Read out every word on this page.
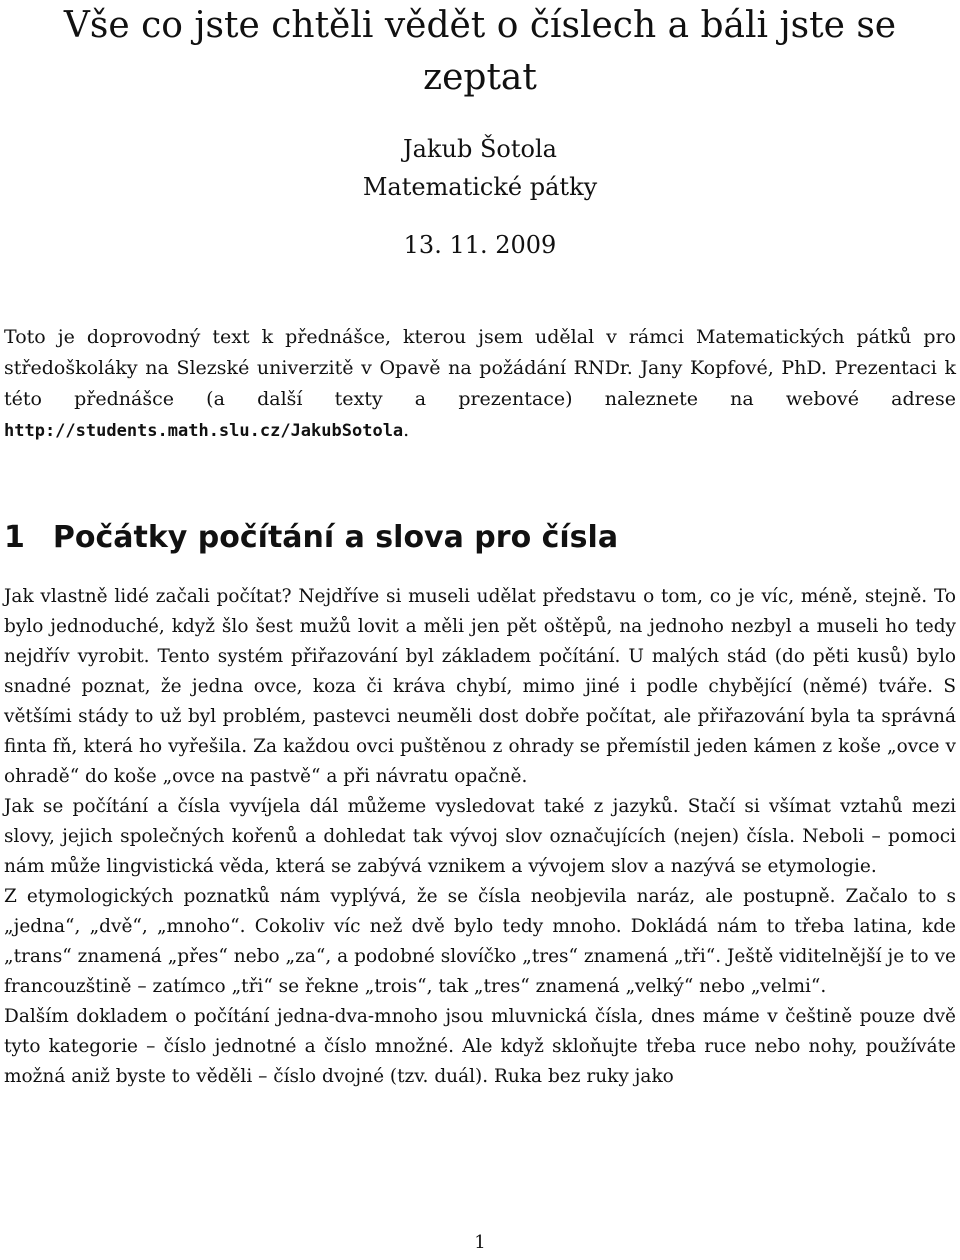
Vše co jste chtěli vědět o číslech a báli jste se zeptat
Jakub Šotola
Matematické pátky
13. 11. 2009

Toto je doprovodný text k přednášce, kterou jsem udělal v rámci Matematických pátků pro středoškoláky na Slezské univerzitě v Opavě na požádání RNDr. Jany Kopfové, PhD. Prezentaci k této přednášce (a další texty a prezentace) naleznete na webové adrese http://students.math.slu.cz/JakubSotola.

1 Počátky počítání a slova pro čísla

Jak vlastně lidé začali počítat? Nejdříve si museli udělat představu o tom, co je víc, méně, stejně. To bylo jednoduché, když šlo šest mužů lovit a měli jen pět oštěpů, na jednoho nezbyl a museli ho tedy nejdřív vyrobit. Tento systém přiřazování byl základem počítání. U malých stád (do pěti kusů) bylo snadné poznat, že jedna ovce, koza či kráva chybí, mimo jiné i podle chybějící (němé) tváře. S většími stády to už byl problém, pastevci neuměli dost dobře počítat, ale přiřazování byla ta správná finta fň, která ho vyřešila. Za každou ovci puštěnou z ohrady se přemístil jeden kámen z koše „ovce v ohradě“ do koše „ovce na pastvě“ a při návratu opačně.

Jak se počítání a čísla vyvíjela dál můžeme vysledovat také z jazyků. Stačí si všímat vztahů mezi slovy, jejich společných kořenů a dohledat tak vývoj slov označujících (nejen) čísla. Neboli – pomoci nám může lingvistická věda, která se zabývá vznikem a vývojem slov a nazývá se etymologie.

Z etymologických poznatků nám vyplývá, že se čísla neobjevila naráz, ale postupně. Začalo to s „jedna“, „dvě“, „mnoho“. Cokoliv víc než dvě bylo tedy mnoho. Dokládá nám to třeba latina, kde „trans“ znamená „přes“ nebo „za“, a podobné slovíčko „tres“ znamená „tři“. Ještě viditelnější je to ve francouzštině – zatímco „tři“ se řekne „trois“, tak „tres“ znamená „velký“ nebo „velmi“.

Dalším dokladem o počítání jedna-dva-mnoho jsou mluvnická čísla, dnes máme v češtině pouze dvě tyto kategorie – číslo jednotné a číslo množné. Ale když skloňujte třeba ruce nebo nohy, používáte možná aniž byste to věděli – číslo dvojné (tzv. duál). Ruka bez ruky jako

1
